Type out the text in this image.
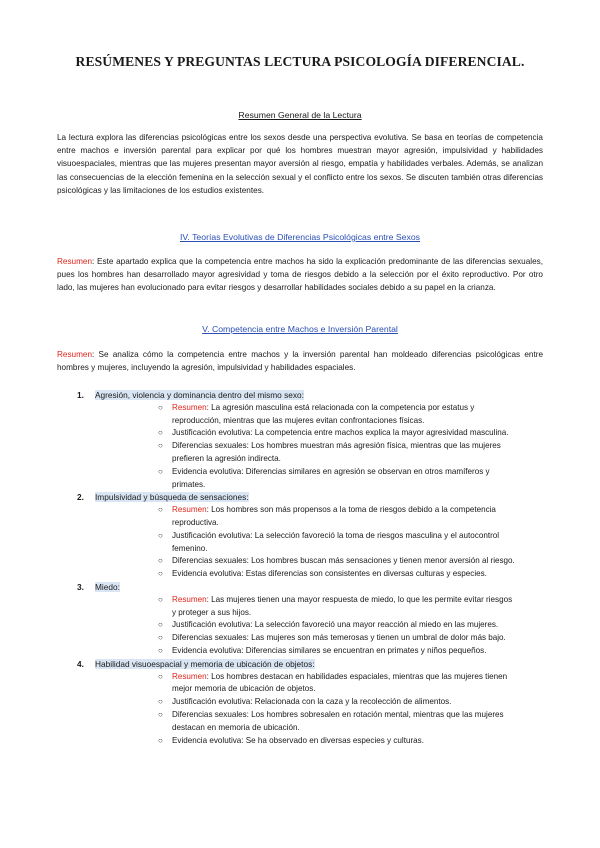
RESÚMENES Y PREGUNTAS LECTURA PSICOLOGÍA DIFERENCIAL.
Resumen General de la Lectura
La lectura explora las diferencias psicológicas entre los sexos desde una perspectiva evolutiva. Se basa en teorías de competencia entre machos e inversión parental para explicar por qué los hombres muestran mayor agresión, impulsividad y habilidades visuoespaciales, mientras que las mujeres presentan mayor aversión al riesgo, empatía y habilidades verbales. Además, se analizan las consecuencias de la elección femenina en la selección sexual y el conflicto entre los sexos. Se discuten también otras diferencias psicológicas y las limitaciones de los estudios existentes.
IV. Teorías Evolutivas de Diferencias Psicológicas entre Sexos
Resumen: Este apartado explica que la competencia entre machos ha sido la explicación predominante de las diferencias sexuales, pues los hombres han desarrollado mayor agresividad y toma de riesgos debido a la selección por el éxito reproductivo. Por otro lado, las mujeres han evolucionado para evitar riesgos y desarrollar habilidades sociales debido a su papel en la crianza.
V. Competencia entre Machos e Inversión Parental
Resumen: Se analiza cómo la competencia entre machos y la inversión parental han moldeado diferencias psicológicas entre hombres y mujeres, incluyendo la agresión, impulsividad y habilidades espaciales.
1. Agresión, violencia y dominancia dentro del mismo sexo:
○ Resumen: La agresión masculina está relacionada con la competencia por estatus y reproducción, mientras que las mujeres evitan confrontaciones físicas.
○ Justificación evolutiva: La competencia entre machos explica la mayor agresividad masculina.
○ Diferencias sexuales: Los hombres muestran más agresión física, mientras que las mujeres prefieren la agresión indirecta.
○ Evidencia evolutiva: Diferencias similares en agresión se observan en otros mamíferos y primates.
2. Impulsividad y búsqueda de sensaciones:
○ Resumen: Los hombres son más propensos a la toma de riesgos debido a la competencia reproductiva.
○ Justificación evolutiva: La selección favoreció la toma de riesgos masculina y el autocontrol femenino.
○ Diferencias sexuales: Los hombres buscan más sensaciones y tienen menor aversión al riesgo.
○ Evidencia evolutiva: Estas diferencias son consistentes en diversas culturas y especies.
3. Miedo:
○ Resumen: Las mujeres tienen una mayor respuesta de miedo, lo que les permite evitar riesgos y proteger a sus hijos.
○ Justificación evolutiva: La selección favoreció una mayor reacción al miedo en las mujeres.
○ Diferencias sexuales: Las mujeres son más temerosas y tienen un umbral de dolor más bajo.
○ Evidencia evolutiva: Diferencias similares se encuentran en primates y niños pequeños.
4. Habilidad visuoespacial y memoria de ubicación de objetos:
○ Resumen: Los hombres destacan en habilidades espaciales, mientras que las mujeres tienen mejor memoria de ubicación de objetos.
○ Justificación evolutiva: Relacionada con la caza y la recolección de alimentos.
○ Diferencias sexuales: Los hombres sobresalen en rotación mental, mientras que las mujeres destacan en memoria de ubicación.
○ Evidencia evolutiva: Se ha observado en diversas especies y culturas.
